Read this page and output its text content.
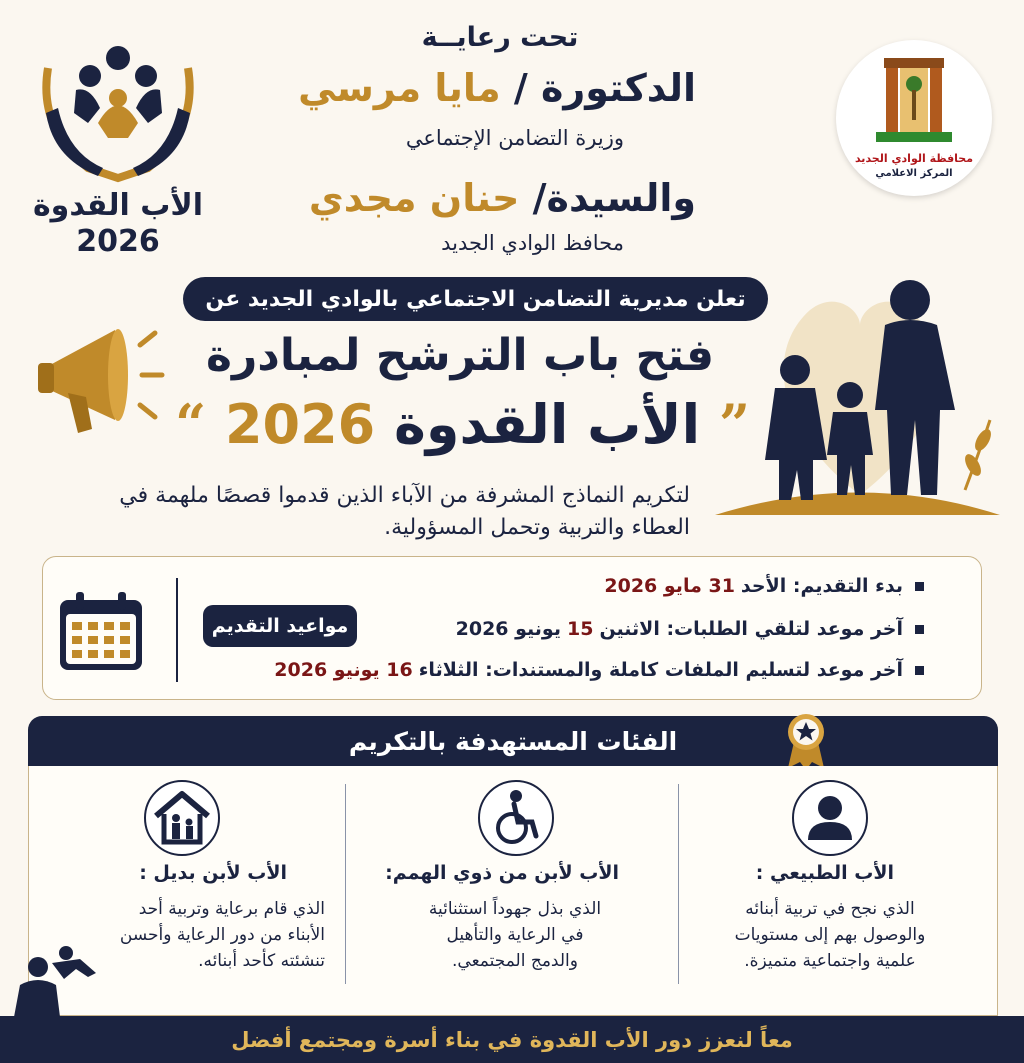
الأب القدوة
2026
محافظة الوادي الجديد
المركز الاعلامي
تحت رعايــة
الدكتورة / مايا مرسي
وزيرة التضامن الإجتماعي
والسيدة/ حنان مجدي
محافظ الوادي الجديد
تعلن مديرية التضامن الاجتماعي بالوادي الجديد عن
فتح باب الترشح لمبادرة
” الأب القدوة 2026 “
لتكريم النماذج المشرفة من الآباء الذين قدموا قصصًا ملهمة في العطاء والتربية وتحمل المسؤولية.
مواعيد التقديم
بدء التقديم: الأحد
31 مايو 2026
آخر موعد لتلقي الطلبات: الاثنين
15
يونيو 2026
آخر موعد لتسليم الملفات كاملة والمستندات: الثلاثاء
16 يونيو 2026
الفئات المستهدفة بالتكريم
الأب الطبيعي :
الذي نجح في تربية أبنائه
والوصول بهم إلى مستويات
علمية واجتماعية متميزة.
الأب لأبن من ذوي الهمم:
الذي بذل جهوداً استثنائية
في الرعاية والتأهيل
والدمج المجتمعي.
الأب لأبن بديل :
الذي قام برعاية وتربية أحد
الأبناء من دور الرعاية وأحسن
تنشئته كأحد أبنائه.
معاً لنعزز دور الأب القدوة في بناء أسرة ومجتمع أفضل
